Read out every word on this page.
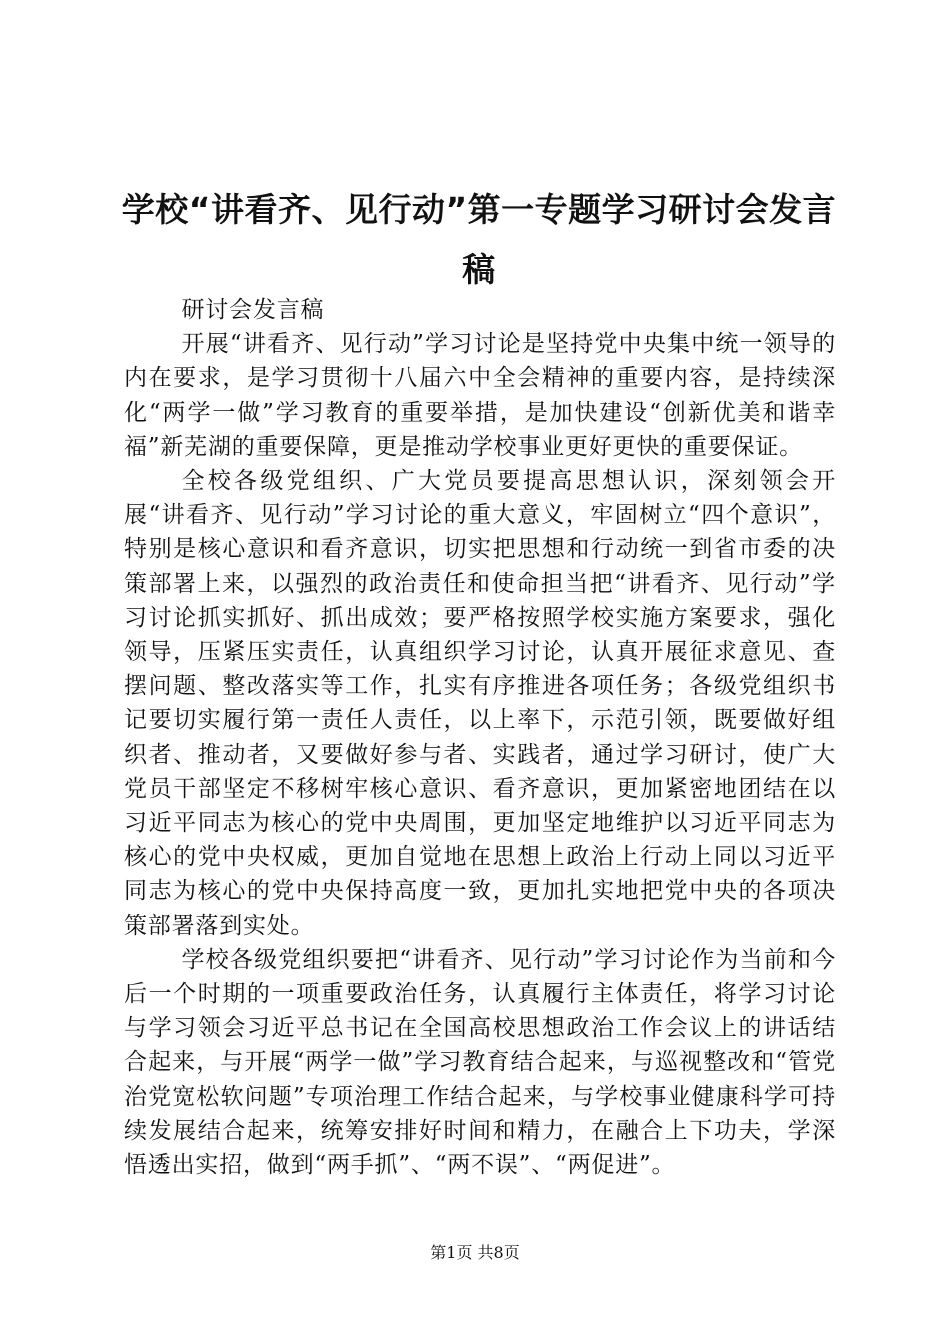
学校“讲看齐、见行动”第一专题学习研讨会发言稿

研讨会发言稿

开展“讲看齐、见行动”学习讨论是坚持党中央集中统一领导的内在要求，是学习贯彻十八届六中全会精神的重要内容，是持续深化“两学一做”学习教育的重要举措，是加快建设“创新优美和谐幸福”新芜湖的重要保障，更是推动学校事业更好更快的重要保证。

全校各级党组织、广大党员要提高思想认识，深刻领会开展“讲看齐、见行动”学习讨论的重大意义，牢固树立“四个意识”，特别是核心意识和看齐意识，切实把思想和行动统一到省市委的决策部署上来，以强烈的政治责任和使命担当把“讲看齐、见行动”学习讨论抓实抓好、抓出成效；要严格按照学校实施方案要求，强化领导，压紧压实责任，认真组织学习讨论，认真开展征求意见、查摆问题、整改落实等工作，扎实有序推进各项任务；各级党组织书记要切实履行第一责任人责任，以上率下，示范引领，既要做好组织者、推动者，又要做好参与者、实践者，通过学习研讨，使广大党员干部坚定不移树牢核心意识、看齐意识，更加紧密地团结在以习近平同志为核心的党中央周围，更加坚定地维护以习近平同志为核心的党中央权威，更加自觉地在思想上政治上行动上同以习近平同志为核心的党中央保持高度一致，更加扎实地把党中央的各项决策部署落到实处。

学校各级党组织要把“讲看齐、见行动”学习讨论作为当前和今后一个时期的一项重要政治任务，认真履行主体责任，将学习讨论与学习领会习近平总书记在全国高校思想政治工作会议上的讲话结合起来，与开展“两学一做”学习教育结合起来，与巡视整改和“管党治党宽松软问题”专项治理工作结合起来，与学校事业健康科学可持续发展结合起来，统筹安排好时间和精力，在融合上下功夫，学深悟透出实招，做到“两手抓”、“两不误”、“两促进”。

第1页 共8页
